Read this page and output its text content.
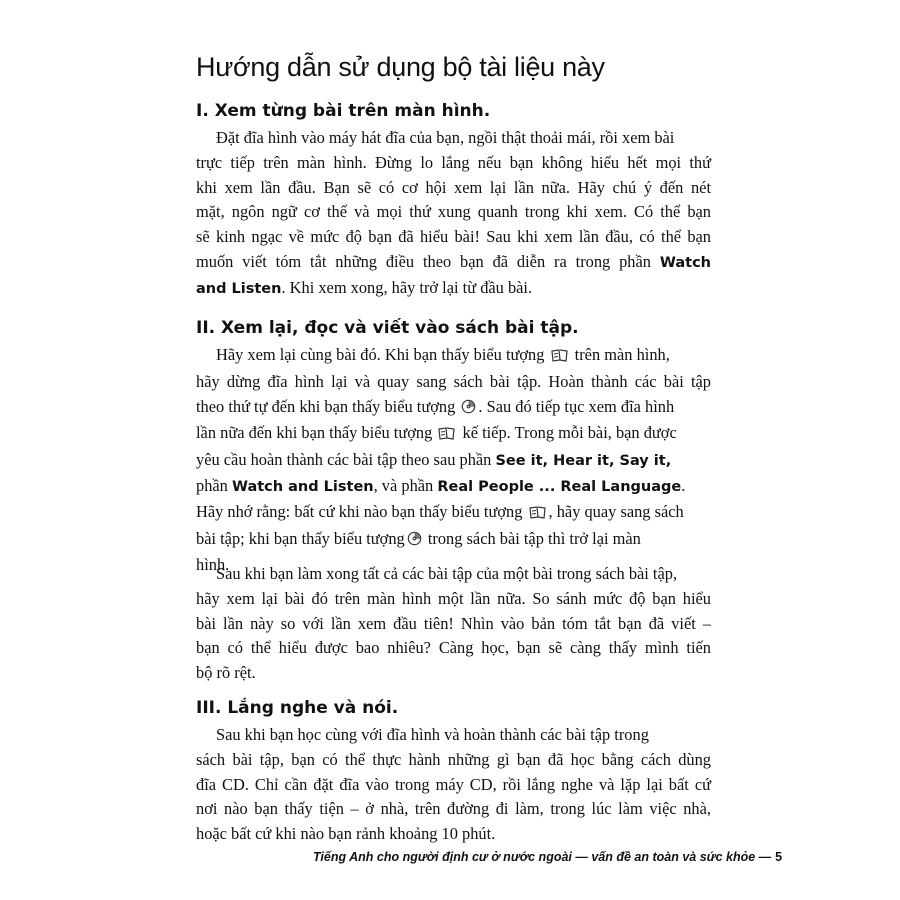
Hướng dẫn sử dụng bộ tài liệu này
I. Xem từng bài trên màn hình.
Đặt đĩa hình vào máy hát đĩa của bạn, ngồi thật thoải mái, rồi xem bài
trực tiếp trên màn hình. Đừng lo lắng nếu bạn không hiểu hết mọi thứ
khi xem lần đầu. Bạn sẽ có cơ hội xem lại lần nữa. Hãy chú ý đến nét
mặt, ngôn ngữ cơ thể và mọi thứ xung quanh trong khi xem. Có thể bạn
sẽ kinh ngạc về mức độ bạn đã hiểu bài! Sau khi xem lần đầu, có thể bạn
muốn viết tóm tắt những điều theo bạn đã diễn ra trong phần Watch
and Listen. Khi xem xong, hãy trở lại từ đầu bài.
II. Xem lại, đọc và viết vào sách bài tập.
Hãy xem lại cùng bài đó. Khi bạn thấy biểu tượng trên màn hình,
hãy dừng đĩa hình lại và quay sang sách bài tập. Hoàn thành các bài tập
theo thứ tự đến khi bạn thấy biểu tượng . Sau đó tiếp tục xem đĩa hình
lần nữa đến khi bạn thấy biểu tượng kế tiếp. Trong mỗi bài, bạn được
yêu cầu hoàn thành các bài tập theo sau phần See it, Hear it, Say it,
phần Watch and Listen, và phần Real People ... Real Language.
Hãy nhớ rằng: bất cứ khi nào bạn thấy biểu tượng , hãy quay sang sách
bài tập; khi bạn thấy biểu tượng trong sách bài tập thì trở lại màn
hình.
Sau khi bạn làm xong tất cả các bài tập của một bài trong sách bài tập,
hãy xem lại bài đó trên màn hình một lần nữa. So sánh mức độ bạn hiểu
bài lần này so với lần xem đầu tiên! Nhìn vào bản tóm tắt bạn đã viết –
bạn có thể hiểu được bao nhiêu? Càng học, bạn sẽ càng thấy mình tiến
bộ rõ rệt.
III. Lắng nghe và nói.
Sau khi bạn học cùng với đĩa hình và hoàn thành các bài tập trong
sách bài tập, bạn có thể thực hành những gì bạn đã học bằng cách dùng
đĩa CD. Chỉ cần đặt đĩa vào trong máy CD, rồi lắng nghe và lặp lại bất cứ
nơi nào bạn thấy tiện – ở nhà, trên đường đi làm, trong lúc làm việc nhà,
hoặc bất cứ khi nào bạn rảnh khoảng 10 phút.
Tiếng Anh cho người định cư ở nước ngoài — vấn đề an toàn và sức khỏe — 5
